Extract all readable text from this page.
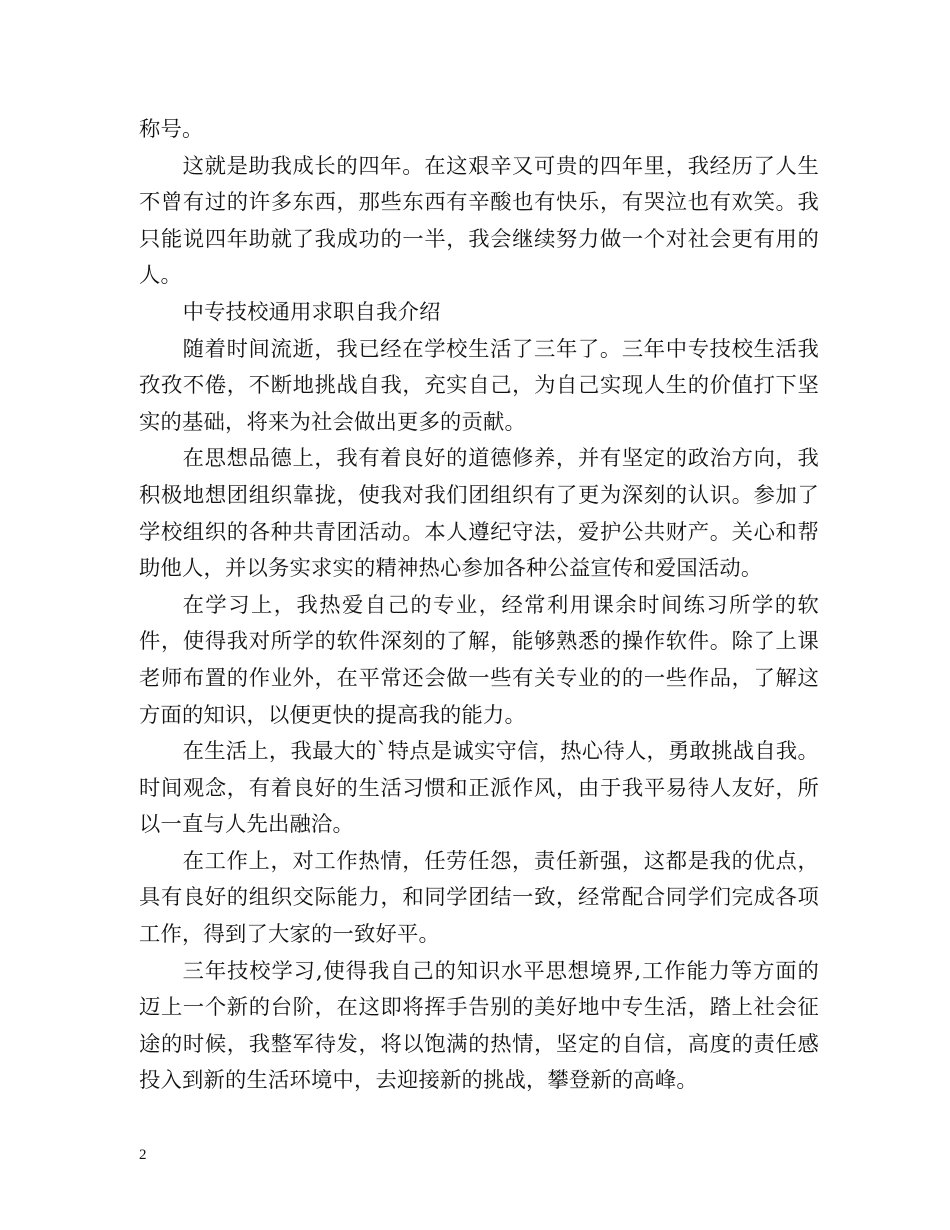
称号。

这就是助我成长的四年。在这艰辛又可贵的四年里，我经历了人生不曾有过的许多东西，那些东西有辛酸也有快乐，有哭泣也有欢笑。我只能说四年助就了我成功的一半，我会继续努力做一个对社会更有用的人。

中专技校通用求职自我介绍

随着时间流逝，我已经在学校生活了三年了。三年中专技校生活我孜孜不倦，不断地挑战自我，充实自己，为自己实现人生的价值打下坚实的基础，将来为社会做出更多的贡献。

在思想品德上，我有着良好的道德修养，并有坚定的政治方向，我积极地想团组织靠拢，使我对我们团组织有了更为深刻的认识。参加了学校组织的各种共青团活动。本人遵纪守法，爱护公共财产。关心和帮助他人，并以务实求实的精神热心参加各种公益宣传和爱国活动。

在学习上，我热爱自己的专业，经常利用课余时间练习所学的软件，使得我对所学的软件深刻的了解，能够熟悉的操作软件。除了上课老师布置的作业外，在平常还会做一些有关专业的的一些作品，了解这方面的知识，以便更快的提高我的能力。

在生活上，我最大的`特点是诚实守信，热心待人，勇敢挑战自我。时间观念，有着良好的生活习惯和正派作风，由于我平易待人友好，所以一直与人先出融洽。

在工作上，对工作热情，任劳任怨，责任新强，这都是我的优点，具有良好的组织交际能力，和同学团结一致，经常配合同学们完成各项工作，得到了大家的一致好平。

三年技校学习,使得我自己的知识水平思想境界,工作能力等方面的迈上一个新的台阶，在这即将挥手告别的美好地中专生活，踏上社会征途的时候，我整军待发，将以饱满的热情，坚定的自信，高度的责任感投入到新的生活环境中，去迎接新的挑战，攀登新的高峰。

2
